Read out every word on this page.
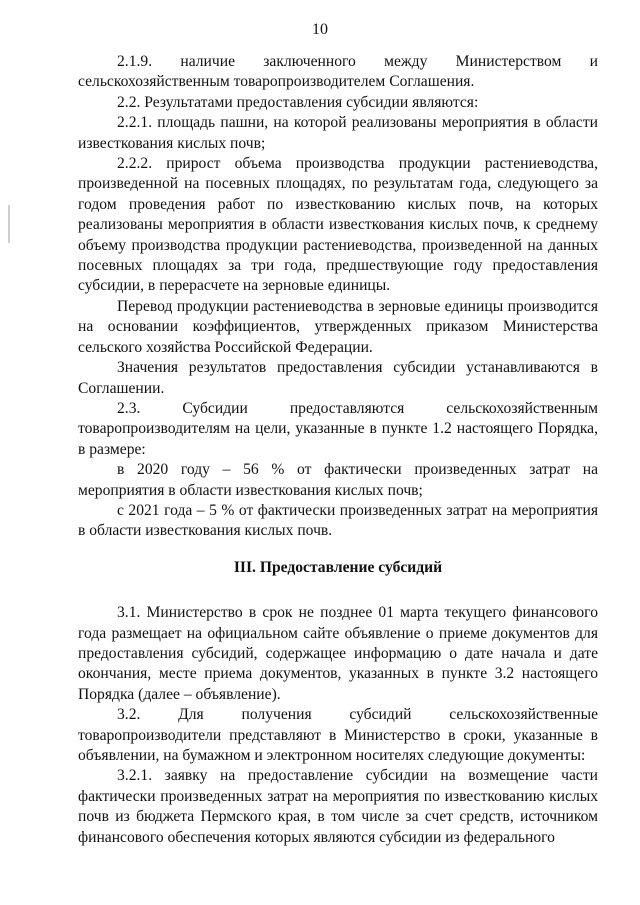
10

2.1.9. наличие заключенного между Министерством и сельскохозяйственным товаропроизводителем Соглашения.

2.2. Результатами предоставления субсидии являются:

2.2.1. площадь пашни, на которой реализованы мероприятия в области известкования кислых почв;

2.2.2. прирост объема производства продукции растениеводства, произведенной на посевных площадях, по результатам года, следующего за годом проведения работ по известкованию кислых почв, на которых реализованы мероприятия в области известкования кислых почв, к среднему объему производства продукции растениеводства, произведенной на данных посевных площадях за три года, предшествующие году предоставления субсидии, в перерасчете на зерновые единицы.

Перевод продукции растениеводства в зерновые единицы производится на основании коэффициентов, утвержденных приказом Министерства сельского хозяйства Российской Федерации.

Значения результатов предоставления субсидии устанавливаются в Соглашении.

2.3. Субсидии предоставляются сельскохозяйственным товаропроизводителям на цели, указанные в пункте 1.2 настоящего Порядка, в размере:

в 2020 году – 56 % от фактически произведенных затрат на мероприятия в области известкования кислых почв;

с 2021 года – 5 % от фактически произведенных затрат на мероприятия в области известкования кислых почв.

III. Предоставление субсидий

3.1. Министерство в срок не позднее 01 марта текущего финансового года размещает на официальном сайте объявление о приеме документов для предоставления субсидий, содержащее информацию о дате начала и дате окончания, месте приема документов, указанных в пункте 3.2 настоящего Порядка (далее – объявление).

3.2. Для получения субсидий сельскохозяйственные товаропроизводители представляют в Министерство в сроки, указанные в объявлении, на бумажном и электронном носителях следующие документы:

3.2.1. заявку на предоставление субсидии на возмещение части фактически произведенных затрат на мероприятия по известкованию кислых почв из бюджета Пермского края, в том числе за счет средств, источником финансового обеспечения которых являются субсидии из федерального
